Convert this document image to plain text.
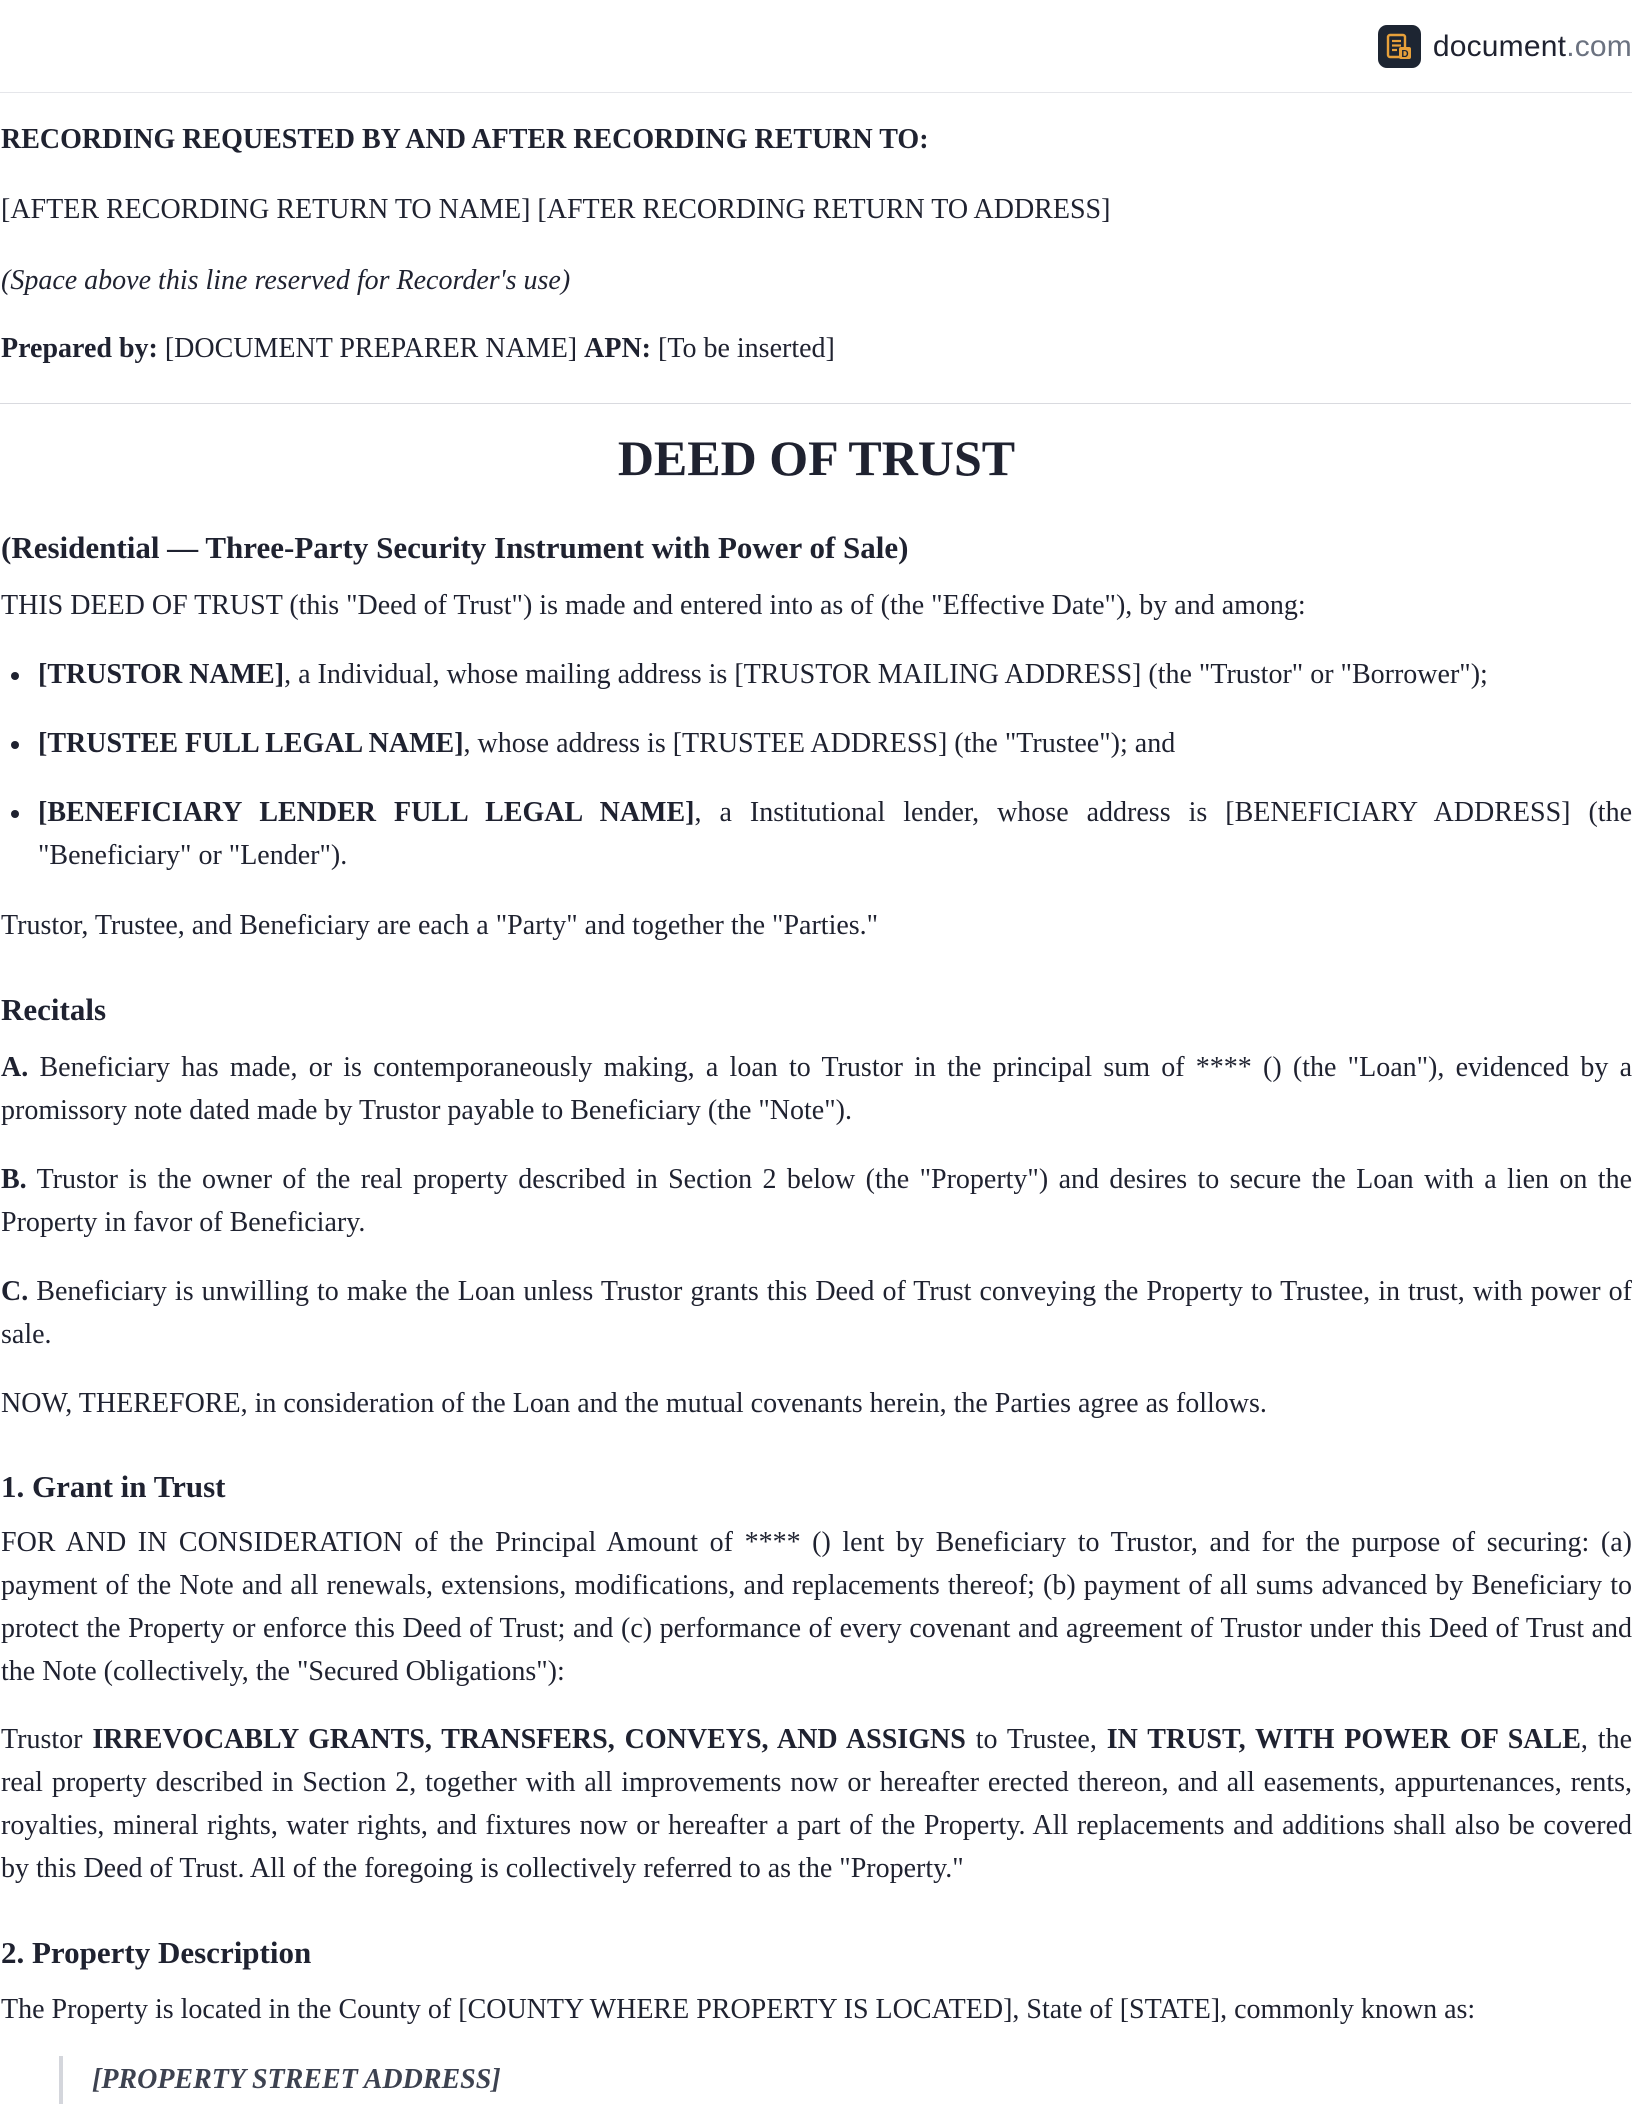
D document.com

RECORDING REQUESTED BY AND AFTER RECORDING RETURN TO:

[AFTER RECORDING RETURN TO NAME] [AFTER RECORDING RETURN TO ADDRESS]

(Space above this line reserved for Recorder's use)

Prepared by: [DOCUMENT PREPARER NAME] APN: [To be inserted]

DEED OF TRUST
(Residential — Three-Party Security Instrument with Power of Sale)

THIS DEED OF TRUST (this "Deed of Trust") is made and entered into as of (the "Effective Date"), by and among:

[TRUSTOR NAME], a Individual, whose mailing address is [TRUSTOR MAILING ADDRESS] (the "Trustor" or "Borrower");
[TRUSTEE FULL LEGAL NAME], whose address is [TRUSTEE ADDRESS] (the "Trustee"); and
[BENEFICIARY LENDER FULL LEGAL NAME], a Institutional lender, whose address is [BENEFICIARY ADDRESS] (the "Beneficiary" or "Lender").

Trustor, Trustee, and Beneficiary are each a "Party" and together the "Parties."

Recitals

A. Beneficiary has made, or is contemporaneously making, a loan to Trustor in the principal sum of **** () (the "Loan"), evidenced by a promissory note dated made by Trustor payable to Beneficiary (the "Note").

B. Trustor is the owner of the real property described in Section 2 below (the "Property") and desires to secure the Loan with a lien on the Property in favor of Beneficiary.

C. Beneficiary is unwilling to make the Loan unless Trustor grants this Deed of Trust conveying the Property to Trustee, in trust, with power of sale.

NOW, THEREFORE, in consideration of the Loan and the mutual covenants herein, the Parties agree as follows.

1. Grant in Trust

FOR AND IN CONSIDERATION of the Principal Amount of **** () lent by Beneficiary to Trustor, and for the purpose of securing: (a) payment of the Note and all renewals, extensions, modifications, and replacements thereof; (b) payment of all sums advanced by Beneficiary to protect the Property or enforce this Deed of Trust; and (c) performance of every covenant and agreement of Trustor under this Deed of Trust and the Note (collectively, the "Secured Obligations"):

Trustor IRREVOCABLY GRANTS, TRANSFERS, CONVEYS, AND ASSIGNS to Trustee, IN TRUST, WITH POWER OF SALE, the real property described in Section 2, together with all improvements now or hereafter erected thereon, and all easements, appurtenances, rents, royalties, mineral rights, water rights, and fixtures now or hereafter a part of the Property. All replacements and additions shall also be covered by this Deed of Trust. All of the foregoing is collectively referred to as the "Property."

2. Property Description

The Property is located in the County of [COUNTY WHERE PROPERTY IS LOCATED], State of [STATE], commonly known as:

[PROPERTY STREET ADDRESS]
